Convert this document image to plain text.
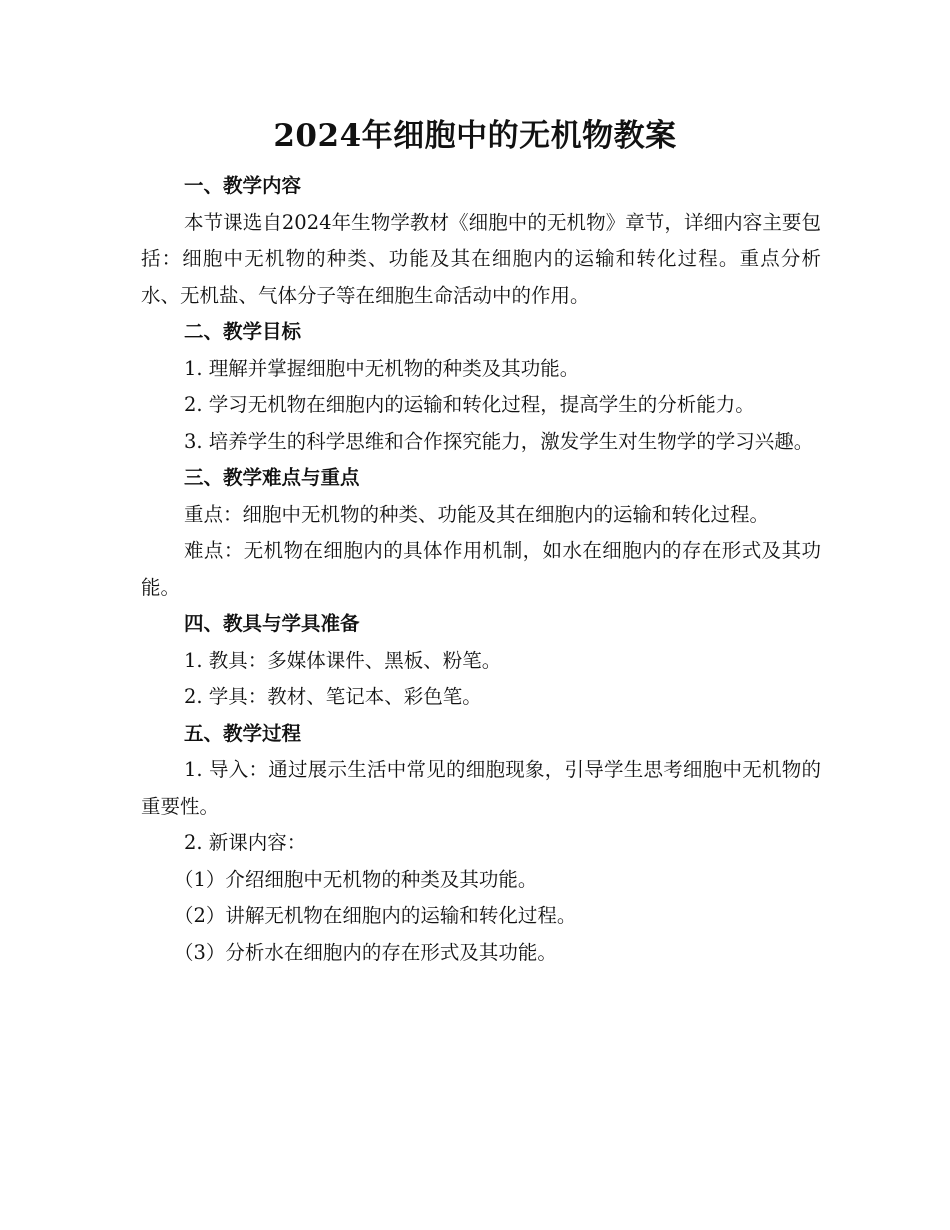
2024年细胞中的无机物教案

一、教学内容

本节课选自2024年生物学教材《细胞中的无机物》章节，详细内容主要包括：细胞中无机物的种类、功能及其在细胞内的运输和转化过程。重点分析水、无机盐、气体分子等在细胞生命活动中的作用。

二、教学目标

1. 理解并掌握细胞中无机物的种类及其功能。

2. 学习无机物在细胞内的运输和转化过程，提高学生的分析能力。

3. 培养学生的科学思维和合作探究能力，激发学生对生物学的学习兴趣。

三、教学难点与重点

重点：细胞中无机物的种类、功能及其在细胞内的运输和转化过程。

难点：无机物在细胞内的具体作用机制，如水在细胞内的存在形式及其功能。

四、教具与学具准备

1. 教具：多媒体课件、黑板、粉笔。

2. 学具：教材、笔记本、彩色笔。

五、教学过程

1. 导入：通过展示生活中常见的细胞现象，引导学生思考细胞中无机物的重要性。

2. 新课内容：

（1）介绍细胞中无机物的种类及其功能。

（2）讲解无机物在细胞内的运输和转化过程。

（3）分析水在细胞内的存在形式及其功能。
